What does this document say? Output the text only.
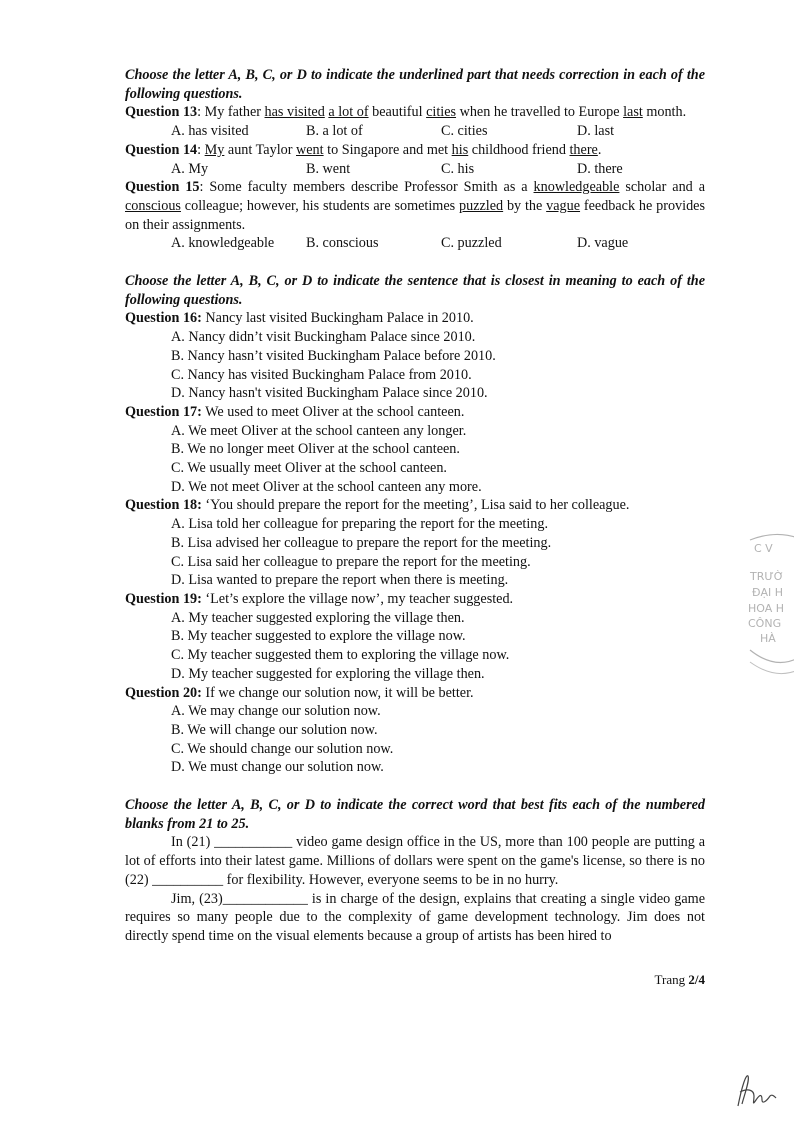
Choose the letter A, B, C, or D to indicate the underlined part that needs correction in each of the following questions.
Question 13: My father has visited a lot of beautiful cities when he travelled to Europe last month.
A. has visited	B. a lot of	C. cities	D. last
Question 14: My aunt Taylor went to Singapore and met his childhood friend there.
A. My	B. went	C. his	D. there
Question 15: Some faculty members describe Professor Smith as a knowledgeable scholar and a conscious colleague; however, his students are sometimes puzzled by the vague feedback he provides on their assignments.
A. knowledgeable	B. conscious	C. puzzled	D. vague
Choose the letter A, B, C, or D to indicate the sentence that is closest in meaning to each of the following questions.
Question 16: Nancy last visited Buckingham Palace in 2010.
A. Nancy didn’t visit Buckingham Palace since 2010.
B. Nancy hasn’t visited Buckingham Palace before 2010.
C. Nancy has visited Buckingham Palace from 2010.
D. Nancy hasn't visited Buckingham Palace since 2010.
Question 17: We used to meet Oliver at the school canteen.
A. We meet Oliver at the school canteen any longer.
B. We no longer meet Oliver at the school canteen.
C. We usually meet Oliver at the school canteen.
D. We not meet Oliver at the school canteen any more.
Question 18: ‘You should prepare the report for the meeting’, Lisa said to her colleague.
A. Lisa told her colleague for preparing the report for the meeting.
B. Lisa advised her colleague to prepare the report for the meeting.
C. Lisa said her colleague to prepare the report for the meeting.
D. Lisa wanted to prepare the report when there is meeting.
Question 19: ‘Let’s explore the village now’, my teacher suggested.
A. My teacher suggested exploring the village then.
B. My teacher suggested to explore the village now.
C. My teacher suggested them to exploring the village now.
D. My teacher suggested for exploring the village then.
Question 20: If we change our solution now, it will be better.
A. We may change our solution now.
B. We will change our solution now.
C. We should change our solution now.
D. We must change our solution now.
Choose the letter A, B, C, or D to indicate the correct word that best fits each of the numbered blanks from 21 to 25.
In (21) ___________ video game design office in the US, more than 100 people are putting a lot of efforts into their latest game. Millions of dollars were spent on the game's license, so there is no (22) __________ for flexibility. However, everyone seems to be in no hurry.
Jim, (23)____________ is in charge of the design, explains that creating a single video game requires so many people due to the complexity of game development technology. Jim does not directly spend time on the visual elements because a group of artists has been hired to
Trang 2/4
C V
TRƯỜ
ĐẠI H
HOA H
CÔNG
HÀ
